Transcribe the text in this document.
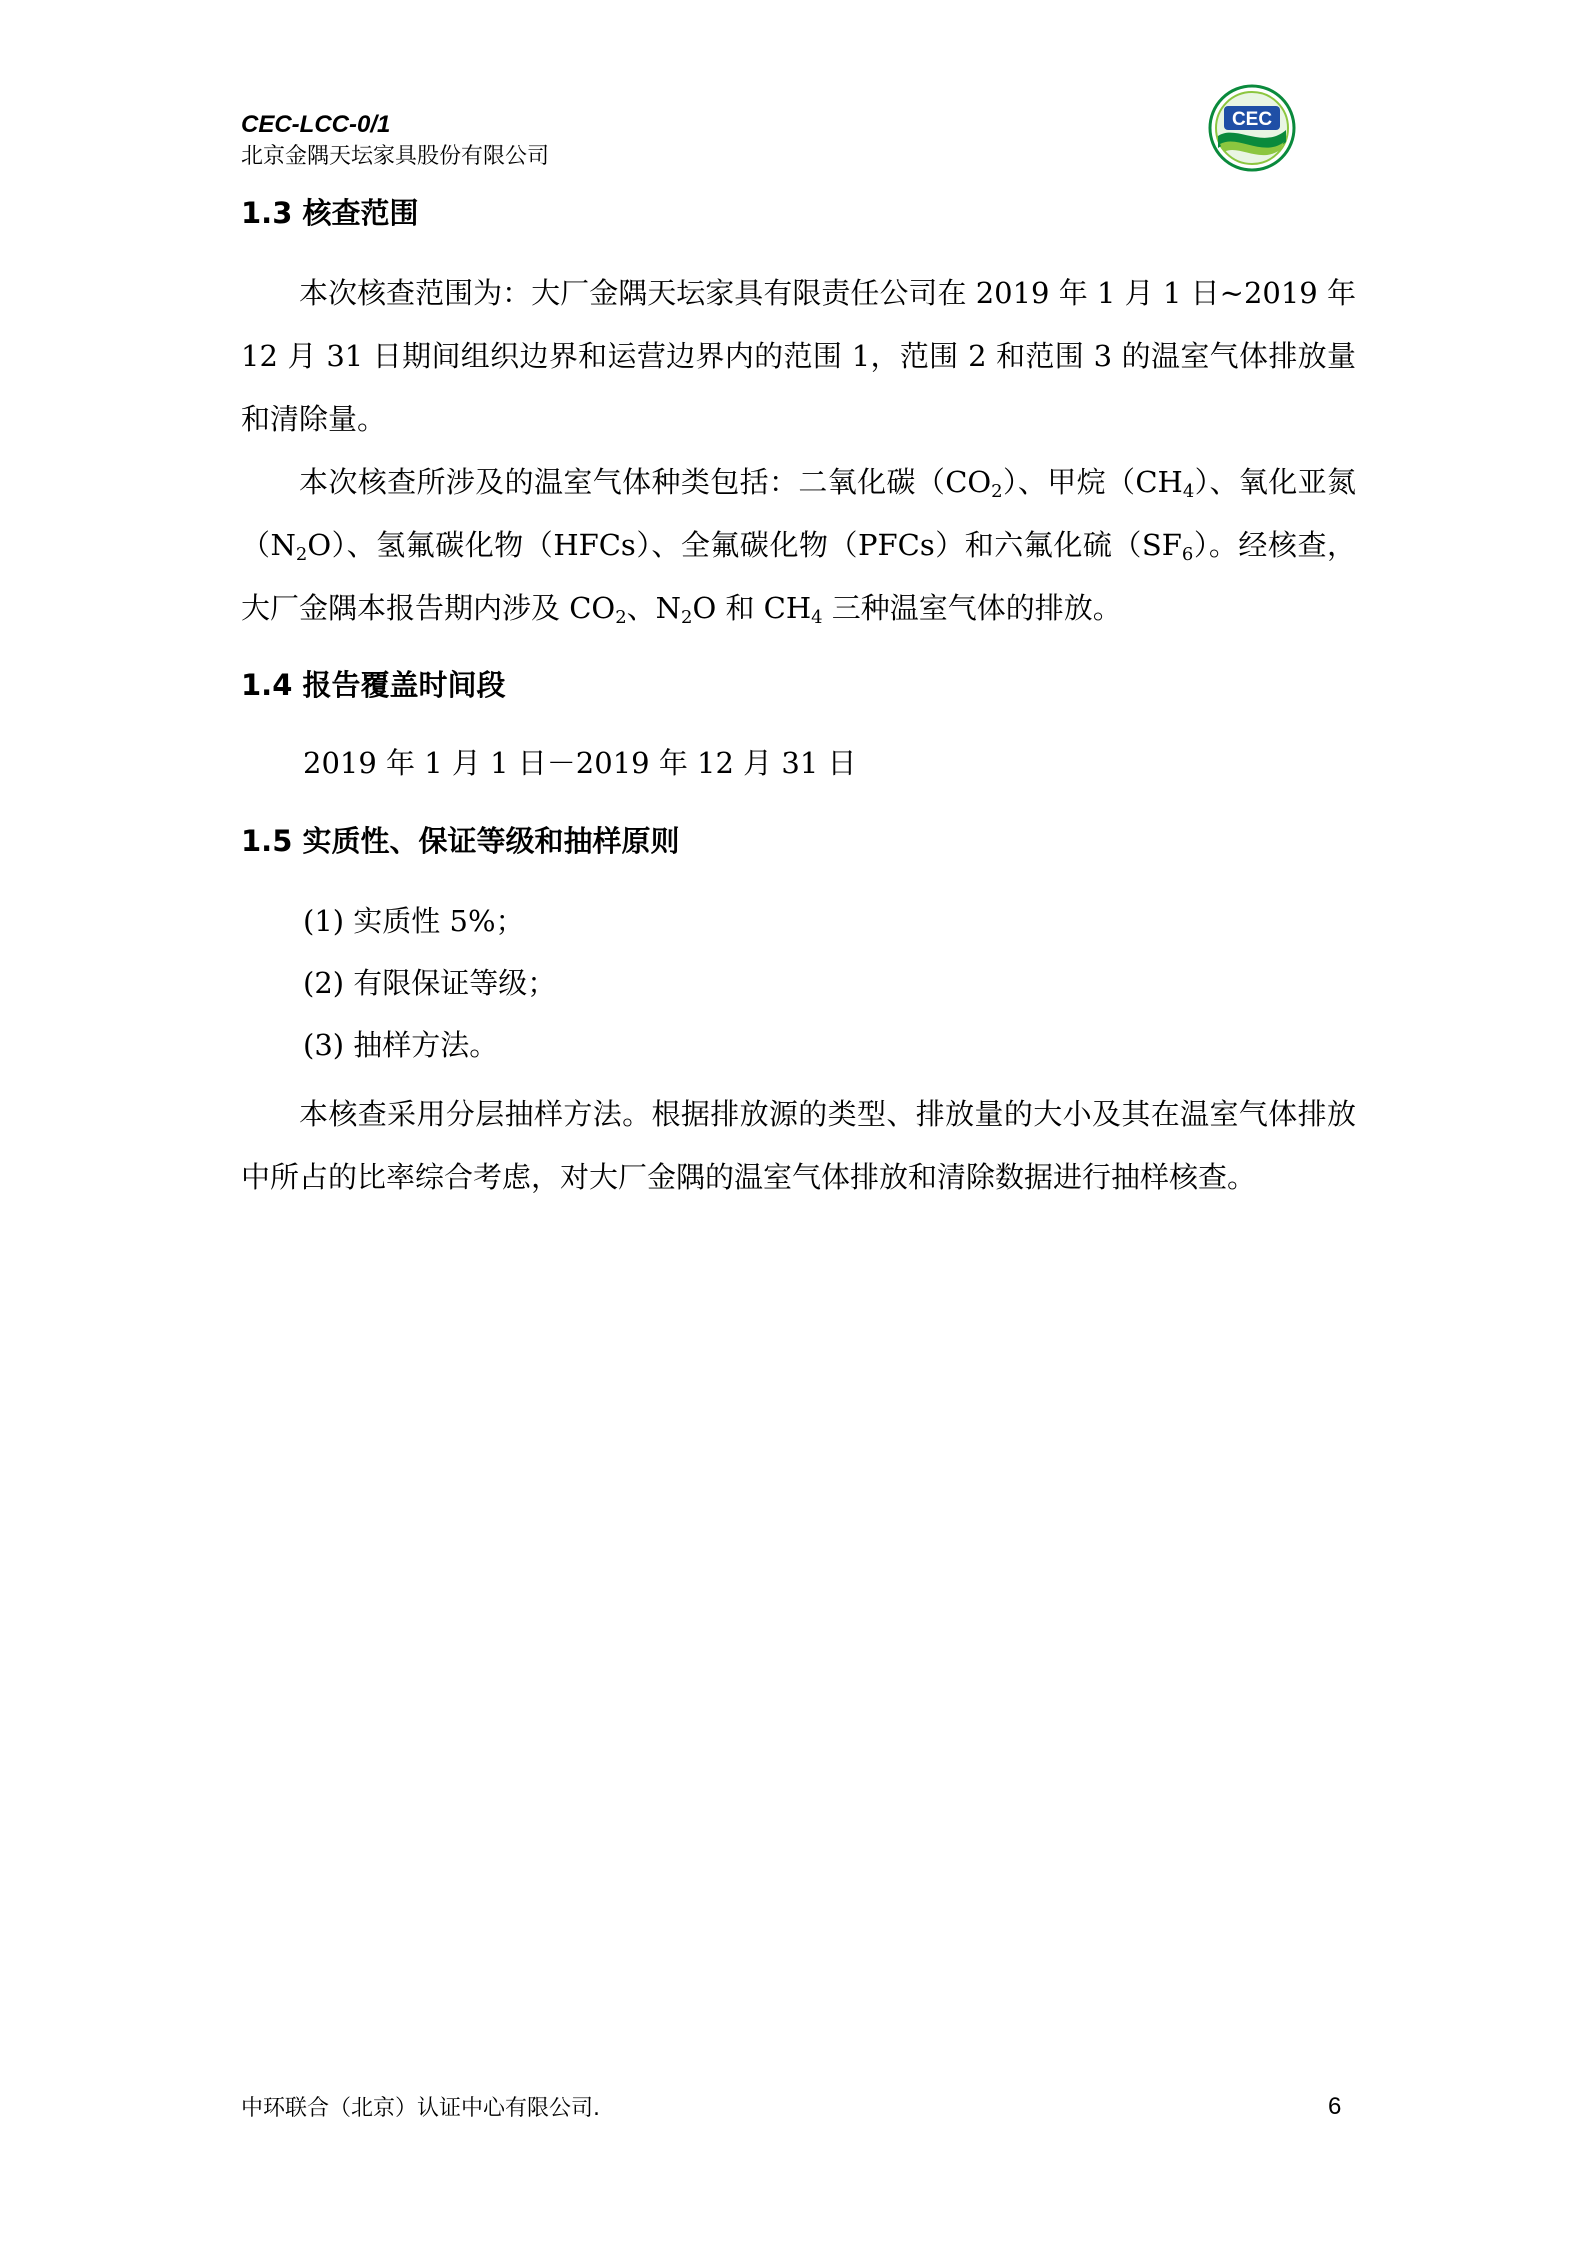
CEC-LCC-0/1
北京金隅天坛家具股份有限公司
CEC
1.3 核查范围
本次核查范围为：大厂金隅天坛家具有限责任公司在 2019 年 1 月 1 日~2019 年 12 月 31 日期间组织边界和运营边界内的范围 1，范围 2 和范围 3 的温室气体排放量和清除量。
本次核查所涉及的温室气体种类包括：二氧化碳$(CO_2)$、甲烷$(CH_4)$、氧化亚氮$(N_2O)$、氢氟碳化物（HFCs）、全氟碳化物（PFCs）和六氟化硫$(SF_6)$。经核查，大厂金隅本报告期内涉及 $CO_2$、$N_2O$ 和 $CH_4$ 三种温室气体的排放。
1.4 报告覆盖时间段
2019 年 1 月 1 日－2019 年 12 月 31 日
1.5 实质性、保证等级和抽样原则
(1) 实质性 5%；
(2) 有限保证等级；
(3) 抽样方法。
本核查采用分层抽样方法。根据排放源的类型、排放量的大小及其在温室气体排放中所占的比率综合考虑，对大厂金隅的温室气体排放和清除数据进行抽样核查。
中环联合（北京）认证中心有限公司.	6
